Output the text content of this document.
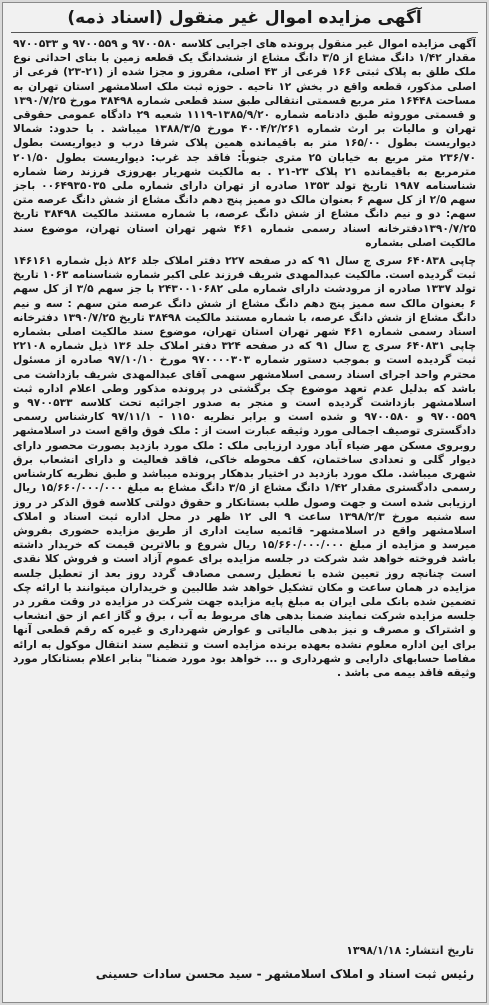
آگهی مزایده اموال غیر منقول (اسناد ذمه)

آگهی مزایده اموال غیر منقول پرونده های اجرایی کلاسه ۹۷۰۰۵۸۰ و ۹۷۰۰۵۵۹ و ۹۷۰۰۵۳۳ مقدار ۱/۴۲ دانگ مشاع از ۳/۵ دانگ مشاع از ششدانگ یک قطعه زمین با بنای احداثی نوع ملک طلق به پلاک ثبتی ۱۶۶ فرعی از ۴۳ اصلی، مفروز و مجزا شده از (۲۱-۲۳) فرعی از اصلی مذکور، قطعه واقع در بخش ۱۲ ناحیه . حوزه ثبت ملک اسلامشهر استان تهران به مساحت ۱۶۴۴۸ متر مربع قسمتی انتقالی طبق سند قطعی شماره ۳۸۴۹۸ مورخ ۱۳۹۰/۷/۲۵ و قسمتی موروثه طبق دادنامه شماره ۱۳۸۵/۹/۲۰-۱۱۱۹ شعبه ۲۹ دادگاه عمومی حقوقی تهران و مالیات بر ارث شماره ۴۰۰۴/۲/۲۶۱ مورخ ۱۳۸۸/۳/۵ میباشد . با حدود: شمالا دیواریست بطول ۱۶۵/۰۰ متر به باقیمانده همین پلاک شرقا درب و دیواریست بطول ۲۳۶/۷۰ متر مربع به خیابان ۲۵ متری جنوباً: فاقد جد غرب: دیواریست بطول ۲۰۱/۵۰ مترمربع به باقیمانده ۲۱ پلاک ۲۳-۲۱ . به مالکیت شهریار بهروزی فرزند رضا شماره شناسنامه ۱۹۸۷ تاریخ تولد ۱۳۵۳ صادره از تهران دارای شماره ملی ۰۰۶۴۹۳۵۰۳۵ باجز سهم ۲/۵ از کل سهم ۶ بعنوان مالک دو ممیز پنج دهم دانگ مشاع از شش دانگ عرصه متن سهم: دو و نیم دانگ مشاع از شش دانگ عرصه، با شماره مستند مالکیت ۳۸۴۹۸ تاریخ ۱۳۹۰/۷/۲۵دفترخانه اسناد رسمی شماره ۴۶۱ شهر تهران استان تهران، موضوع سند مالکیت اصلی بشماره

چاپی ۶۴۰۸۳۸ سری ج سال ۹۱ که در صفحه ۲۲۷ دفتر املاک جلد ۸۲۶ ذیل شماره ۱۴۶۱۶۱ ثبت گردیده است. مالکیت عبدالمهدی شریف فرزند علی اکبر شماره شناسنامه ۱۰۶۳ تاریخ تولد ۱۳۳۷ صادره از مرودشت دارای شماره ملی ۲۴۳۰۰۱۰۶۸۲ با جز سهم ۳/۵ از کل سهم ۶ بعنوان مالک سه ممیز پنج دهم دانگ مشاع از شش دانگ عرصه متن سهم : سه و نیم دانگ مشاع از شش دانگ عرصه، با شماره مستند مالکیت ۳۸۴۹۸ تاریخ ۱۳۹۰/۷/۲۵ دفترخانه اسناد رسمی شماره ۴۶۱ شهر تهران استان تهران، موضوع سند مالکیت اصلی بشماره چاپی ۶۴۰۸۳۱ سری ج سال ۹۱ که در صفحه ۳۲۴ دفتر املاک جلد ۱۳۶ ذیل شماره ۲۲۱۰۸ ثبت گردیده است و بموجب دستور شماره ۹۷۰۰۰۰۳۰۳ مورخ ۹۷/۱۰/۱۰ صادره از مسئول محترم واحد اجرای اسناد رسمی اسلامشهر سهمی آقای عبدالمهدی شریف بازداشت می باشد که بدلیل عدم تعهد موضوع چک برگشتی در پرونده مذکور وطی اعلام اداره ثبت اسلامشهر بازداشت گردیده است و منجر به صدور اجرائیه تحت کلاسه ۹۷۰۰۵۳۳ و ۹۷۰۰۵۵۹ و ۹۷۰۰۵۸۰ و شده است و برابر نظریه ۱۱۵۰ - ۹۷/۱۱/۱ کارشناس رسمی دادگستری توصیف اجمالی مورد وثیقه عبارت است از : ملک فوق واقع است در اسلامشهر روبروی مسکن مهر ضیاء آباد مورد ارزیابی ملک : ملک مورد بازدید بصورت محصور دارای دیوار گلی و تعدادی ساختمان، کف محوطه خاکی، فاقد فعالیت و دارای انشعاب برق شهری میباشد. ملک مورد بازدید در اختیار بدهکار پرونده میباشد و طبق نظریه کارشناس رسمی دادگستری مقدار ۱/۴۲ دانگ مشاع از ۳/۵ دانگ مشاع به مبلغ ۱۵/۶۶۰/۰۰۰/۰۰۰ ریال ارزیابی شده است و جهت وصول طلب بستانکار و حقوق دولتی کلاسه فوق الذکر در روز سه شنبه مورخ ۱۳۹۸/۲/۳ ساعت ۹ الی ۱۲ ظهر در محل اداره ثبت اسناد و املاک اسلامشهر واقع در اسلامشهر- قائمیه سایت اداری از طریق مزایده حضوری بفروش میرسد و مزایده از مبلغ ۱۵/۶۶۰/۰۰۰/۰۰۰ ریال شروع و بالاترین قیمت که خریدار داشته باشد فروخته خواهد شد شرکت در جلسه مزایده برای عموم آزاد است و فروش کلا نقدی است چنانچه روز تعیین شده با تعطیل رسمی مصادف گردد روز بعد از تعطیل جلسه مزایده در همان ساعت و مکان تشکیل خواهد شد طالبین و خریداران میتوانند با ارائه چک تضمین شده بانک ملی ایران به مبلغ پایه مزایده جهت شرکت در مزایده در وقت مقرر در جلسه مزایده شرکت نمایند ضمنا بدهی های مربوط به آب ، برق و گاز اعم از حق انشعاب و اشتراک و مصرف و نیز بدهی مالیاتی و عوارض شهرداری و غیره که رقم قطعی آنها برای این اداره معلوم نشده بعهده برنده مزایده است و تنظیم سند انتقال موکول به ارائه مفاصا حسابهای دارایی و شهرداری و ... خواهد بود مورد ضمنا" بنابر اعلام بستانکار مورد وثیقه فاقد بیمه می باشد .

تاریخ انتشار: ۱۳۹۸/۱/۱۸
رئیس ثبت اسناد و املاک اسلامشهر - سید محسن سادات حسینی
